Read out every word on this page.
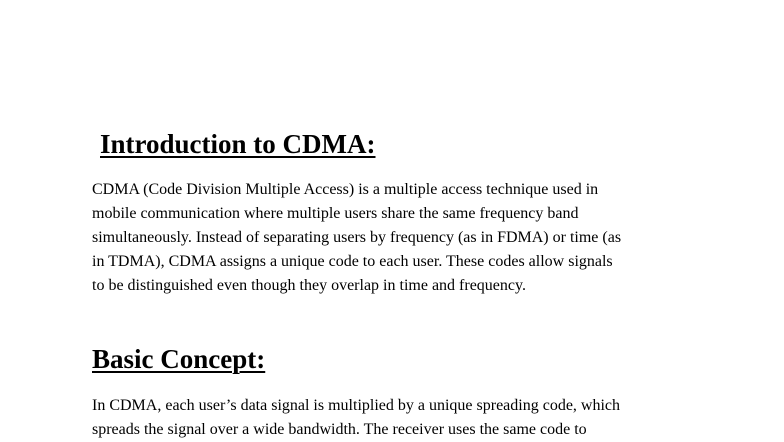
Introduction to CDMA:
CDMA (Code Division Multiple Access) is a multiple access technique used in
mobile communication where multiple users share the same frequency band
simultaneously. Instead of separating users by frequency (as in FDMA) or time (as
in TDMA), CDMA assigns a unique code to each user. These codes allow signals
to be distinguished even though they overlap in time and frequency.
Basic Concept:
In CDMA, each user’s data signal is multiplied by a unique spreading code, which
spreads the signal over a wide bandwidth. The receiver uses the same code to
